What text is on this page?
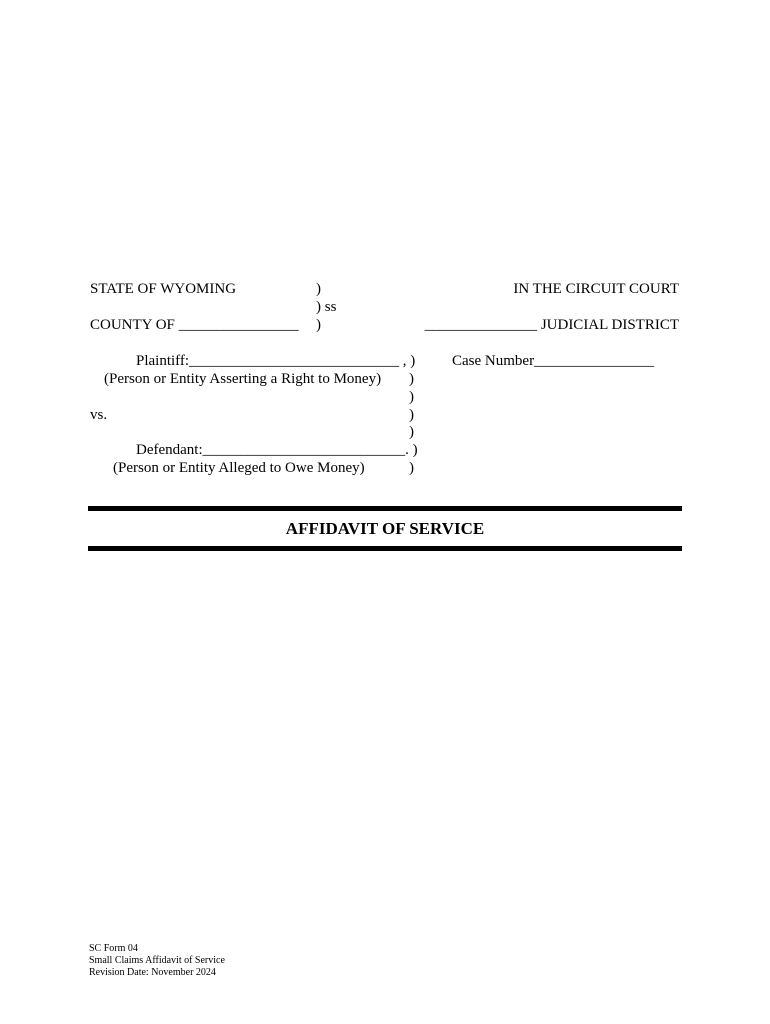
STATE OF WYOMING
COUNTY OF ________________
)
) ss
)
IN THE CIRCUIT COURT
_______________ JUDICIAL DISTRICT
Plaintiff:____________________________ , )
(Person or Entity Asserting a Right to Money) )
)
vs.	)
)
Defendant:___________________________. )
(Person or Entity Alleged to Owe Money)	)
Case Number________________
AFFIDAVIT OF SERVICE
SC Form 04
Small Claims Affidavit of Service
Revision Date: November 2024
